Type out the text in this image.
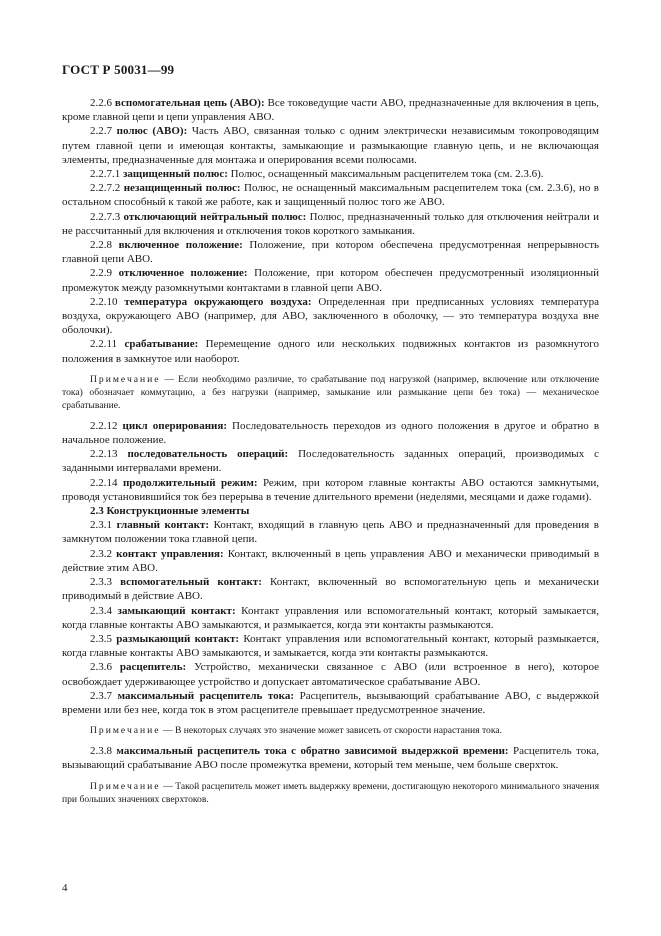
ГОСТ Р 50031—99

2.2.6 вспомогательная цепь (АВО): Все токоведущие части АВО, предназначенные для включения в цепь, кроме главной цепи и цепи управления АВО.

2.2.7 полюс (АВО): Часть АВО, связанная только с одним электрически независимым токопроводящим путем главной цепи и имеющая контакты, замыкающие и размыкающие главную цепь, и не включающая элементы, предназначенные для монтажа и оперирования всеми полюсами.

2.2.7.1 защищенный полюс: Полюс, оснащенный максимальным расцепителем тока (см. 2.3.6).

2.2.7.2 незащищенный полюс: Полюс, не оснащенный максимальным расцепителем тока (см. 2.3.6), но в остальном способный к такой же работе, как и защищенный полюс того же АВО.

2.2.7.3 отключающий нейтральный полюс: Полюс, предназначенный только для отключения нейтрали и не рассчитанный для включения и отключения токов короткого замыкания.

2.2.8 включенное положение: Положение, при котором обеспечена предусмотренная непрерывность главной цепи АВО.

2.2.9 отключенное положение: Положение, при котором обеспечен предусмотренный изоляционный промежуток между разомкнутыми контактами в главной цепи АВО.

2.2.10 температура окружающего воздуха: Определенная при предписанных условиях температура воздуха, окружающего АВО (например, для АВО, заключенного в оболочку, — это температура воздуха вне оболочки).

2.2.11 срабатывание: Перемещение одного или нескольких подвижных контактов из разомкнутого положения в замкнутое или наоборот.

Примечание — Если необходимо различие, то срабатывание под нагрузкой (например, включение или отключение тока) обозначает коммутацию, а без нагрузки (например, замыкание или размыкание цепи без тока) — механическое срабатывание.

2.2.12 цикл оперирования: Последовательность переходов из одного положения в другое и обратно в начальное положение.

2.2.13 последовательность операций: Последовательность заданных операций, производимых с заданными интервалами времени.

2.2.14 продолжительный режим: Режим, при котором главные контакты АВО остаются замкнутыми, проводя установившийся ток без перерыва в течение длительного времени (неделями, месяцами и даже годами).

2.3 Конструкционные элементы

2.3.1 главный контакт: Контакт, входящий в главную цепь АВО и предназначенный для проведения в замкнутом положении тока главной цепи.

2.3.2 контакт управления: Контакт, включенный в цепь управления АВО и механически приводимый в действие этим АВО.

2.3.3 вспомогательный контакт: Контакт, включенный во вспомогательную цепь и механически приводимый в действие АВО.

2.3.4 замыкающий контакт: Контакт управления или вспомогательный контакт, который замыкается, когда главные контакты АВО замыкаются, и размыкается, когда эти контакты размыкаются.

2.3.5 размыкающий контакт: Контакт управления или вспомогательный контакт, который размыкается, когда главные контакты АВО замыкаются, и замыкается, когда эти контакты размыкаются.

2.3.6 расцепитель: Устройство, механически связанное с АВО (или встроенное в него), которое освобождает удерживающее устройство и допускает автоматическое срабатывание АВО.

2.3.7 максимальный расцепитель тока: Расцепитель, вызывающий срабатывание АВО, с выдержкой времени или без нее, когда ток в этом расцепителе превышает предусмотренное значение.

Примечание — В некоторых случаях это значение может зависеть от скорости нарастания тока.

2.3.8 максимальный расцепитель тока с обратно зависимой выдержкой времени: Расцепитель тока, вызывающий срабатывание АВО после промежутка времени, который тем меньше, чем больше сверхток.

Примечание — Такой расцепитель может иметь выдержку времени, достигающую некоторого минимального значения при больших значениях сверхтоков.

4
